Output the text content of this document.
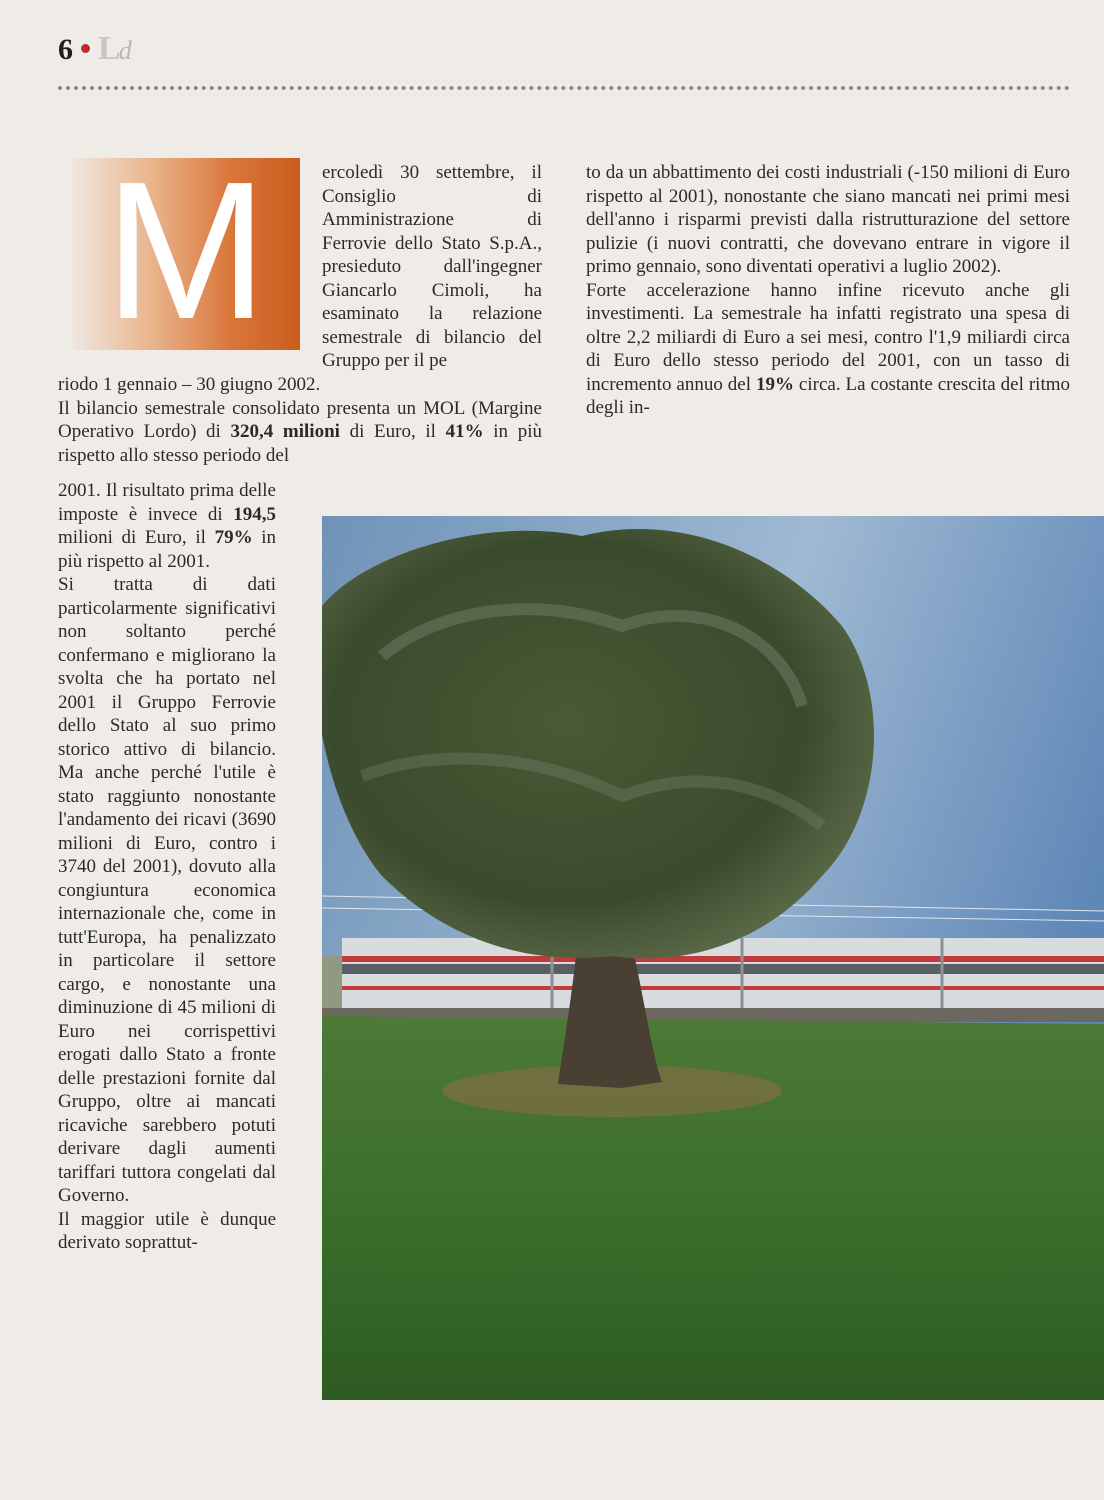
6 Ld
M	ercoledì 30 settembre, il Consiglio di Amministrazione di Ferrovie dello Stato S.p.A., presieduto dall'ingegner Giancarlo Cimoli, ha esaminato la relazione semestrale di bilancio del Gruppo per il pe

riodo 1 gennaio – 30 giugno 2002.

Il bilancio semestrale consolidato presenta un MOL (Margine Operativo Lordo) di 320,4 milioni di Euro, il 41% in più rispetto allo stesso periodo del

2001. Il risultato prima delle imposte è invece di 194,5 milioni di Euro, il 79% in più rispetto al 2001.

Si tratta di dati particolarmente significativi non soltanto perché confermano e migliorano la svolta che ha portato nel 2001 il Gruppo Ferrovie dello Stato al suo primo storico attivo di bilancio. Ma anche perché l'utile è stato raggiunto nonostante l'andamento dei ricavi (3690 milioni di Euro, contro i 3740 del 2001), dovuto alla congiuntura economica internazionale che, come in tutt'Europa, ha penalizzato in particolare il settore cargo, e nonostante una diminuzione di 45 milioni di Euro nei corrispettivi erogati dallo Stato a fronte delle prestazioni fornite dal Gruppo, oltre ai mancati ricaviche sarebbero potuti derivare dagli aumenti tariffari tuttora congelati dal Governo.

Il maggior utile è dunque derivato soprattut-

to da un abbattimento dei costi industriali (-150 milioni di Euro rispetto al 2001), nonostante che siano mancati nei primi mesi dell'anno i risparmi previsti dalla ristrutturazione del settore pulizie (i nuovi contratti, che dovevano entrare in vigore il primo gennaio, sono diventati operativi a luglio 2002).

Forte accelerazione hanno infine ricevuto anche gli investimenti. La semestrale ha infatti registrato una spesa di oltre 2,2 miliardi di Euro a sei mesi, contro l'1,9 miliardi circa di Euro dello stesso periodo del 2001, con un tasso di incremento annuo del 19% circa. La costante crescita del ritmo degli in-
